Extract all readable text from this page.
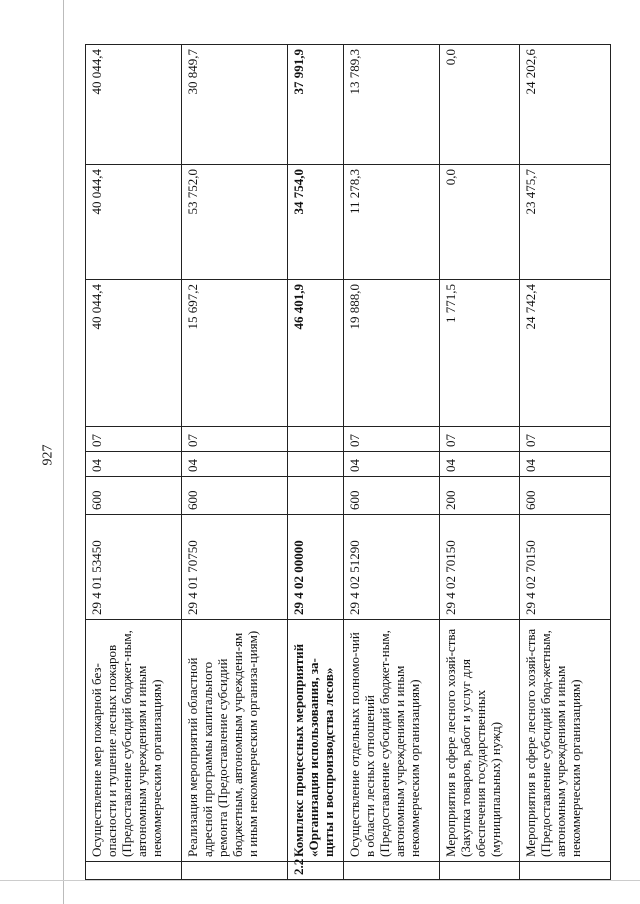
927
	Осуществление мер пожарной без-опасности и тушение лесных пожаров (Предоставление субсидий бюджет-ным, автономным учреждениям и иным некоммерческим организациям)	29 4 01 53450	600	04	07	40 044,4	40 044,4	40 044,4
	Реализация мероприятий областной адресной программы капитального ремонта (Предоставление субсидий бюджетным, автономным учреждени-ям и иным некоммерческим организа-циям)	29 4 01 70750	600	04	07	15 697,2	53 752,0	30 849,7
2.2	Комплекс процессных мероприятий «Организация использования, за-щиты и воспроизводства лесов»	29 4 02 00000				46 401,9	34 754,0	37 991,9
	Осуществление отдельных полномо-чий в области лесных отношений (Предоставление субсидий бюджет-ным, автономным учреждениям и иным некоммерческим организациям)	29 4 02 51290	600	04	07	19 888,0	11 278,3	13 789,3
	Мероприятия в сфере лесного хозяй-ства (Закупка товаров, работ и услуг для обеспечения государственных (муниципальных) нужд)	29 4 02 70150	200	04	07	1 771,5	0,0	0,0
	Мероприятия в сфере лесного хозяй-ства (Предоставление субсидий бюд-жетным, автономным учреждениям и иным некоммерческим организациям)	29 4 02 70150	600	04	07	24 742,4	23 475,7	24 202,6
